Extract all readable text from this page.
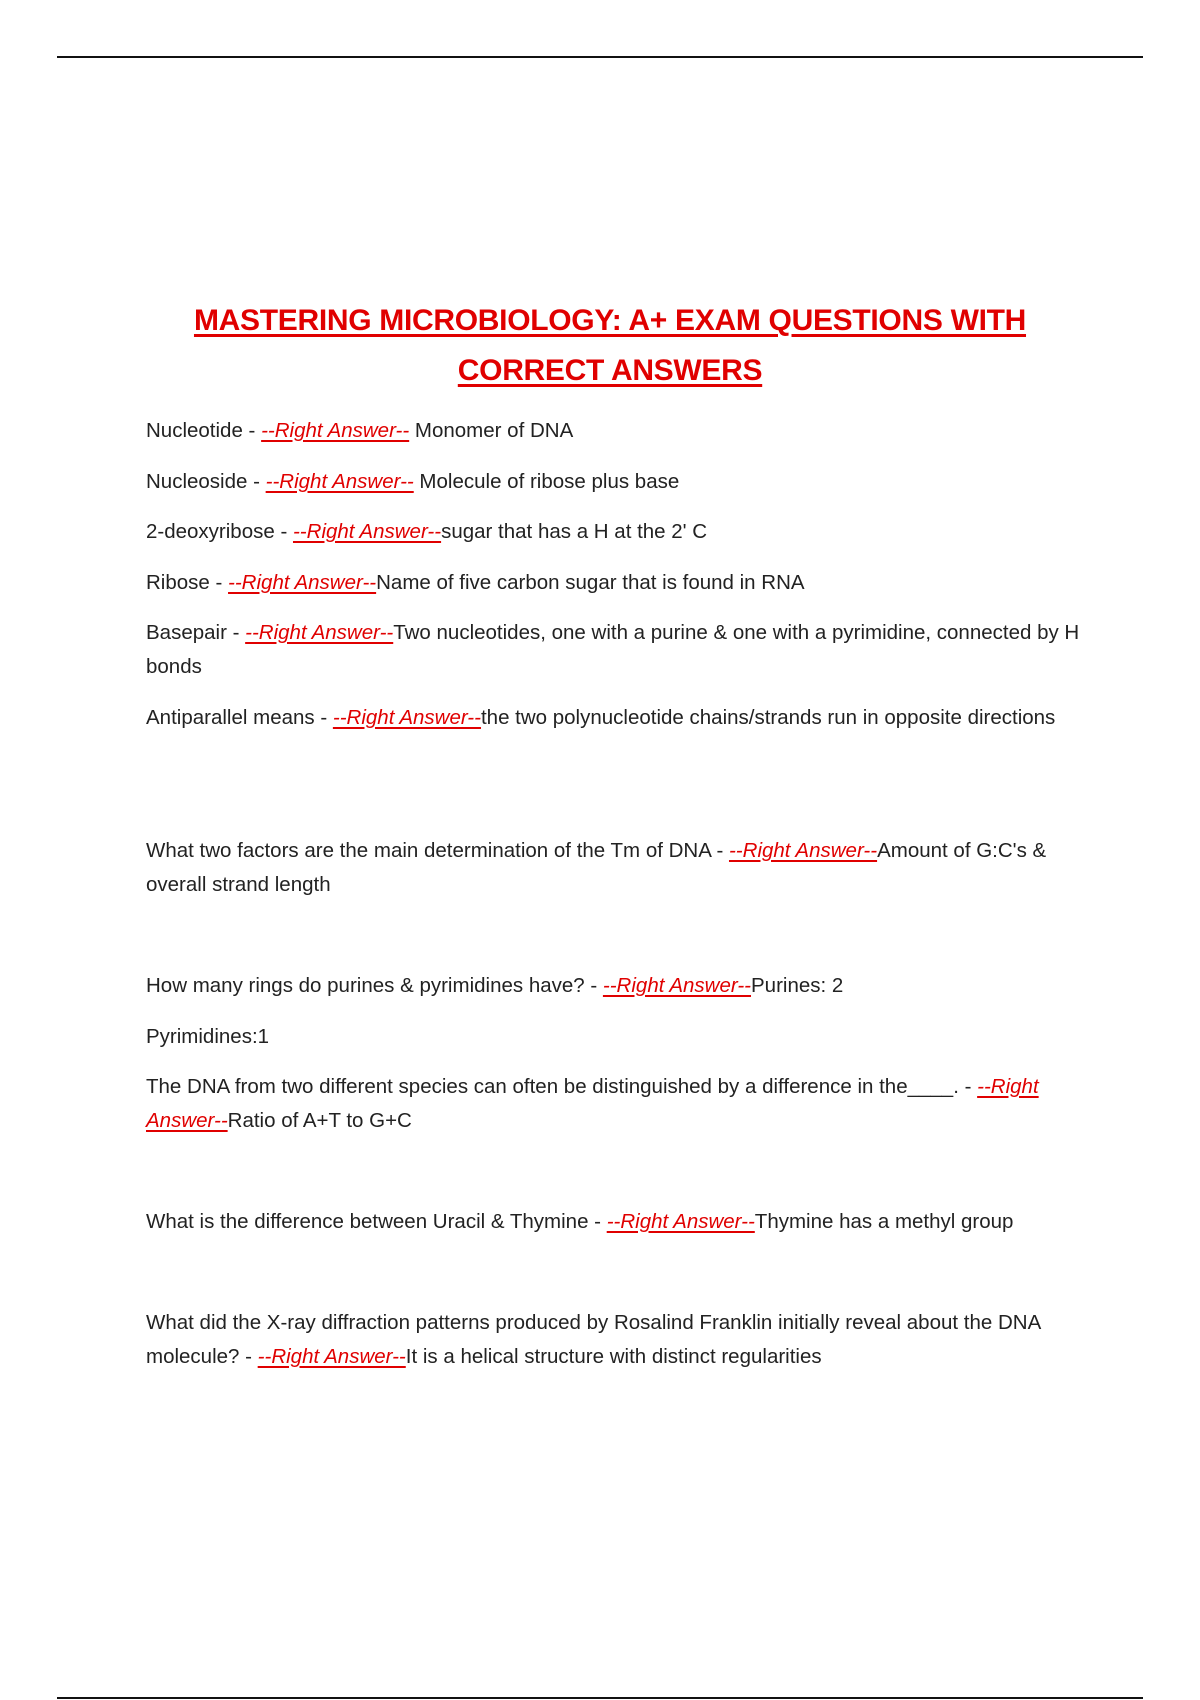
MASTERING MICROBIOLOGY: A+ EXAM QUESTIONS WITH CORRECT ANSWERS

Nucleotide - --Right Answer-- Monomer of DNA

Nucleoside - --Right Answer-- Molecule of ribose plus base

2-deoxyribose - --Right Answer--sugar that has a H at the 2' C

Ribose - --Right Answer--Name of five carbon sugar that is found in RNA

Basepair - --Right Answer--Two nucleotides, one with a purine & one with a pyrimidine, connected by H bonds

Antiparallel means - --Right Answer--the two polynucleotide chains/strands run in opposite directions

What two factors are the main determination of the Tm of DNA - --Right Answer--Amount of G:C's & overall strand length

How many rings do purines & pyrimidines have? - --Right Answer--Purines: 2

Pyrimidines:1

The DNA from two different species can often be distinguished by a difference in the____. - --Right Answer--Ratio of A+T to G+C

What is the difference between Uracil & Thymine - --Right Answer--Thymine has a methyl group

What did the X-ray diffraction patterns produced by Rosalind Franklin initially reveal about the DNA molecule? - --Right Answer--It is a helical structure with distinct regularities
